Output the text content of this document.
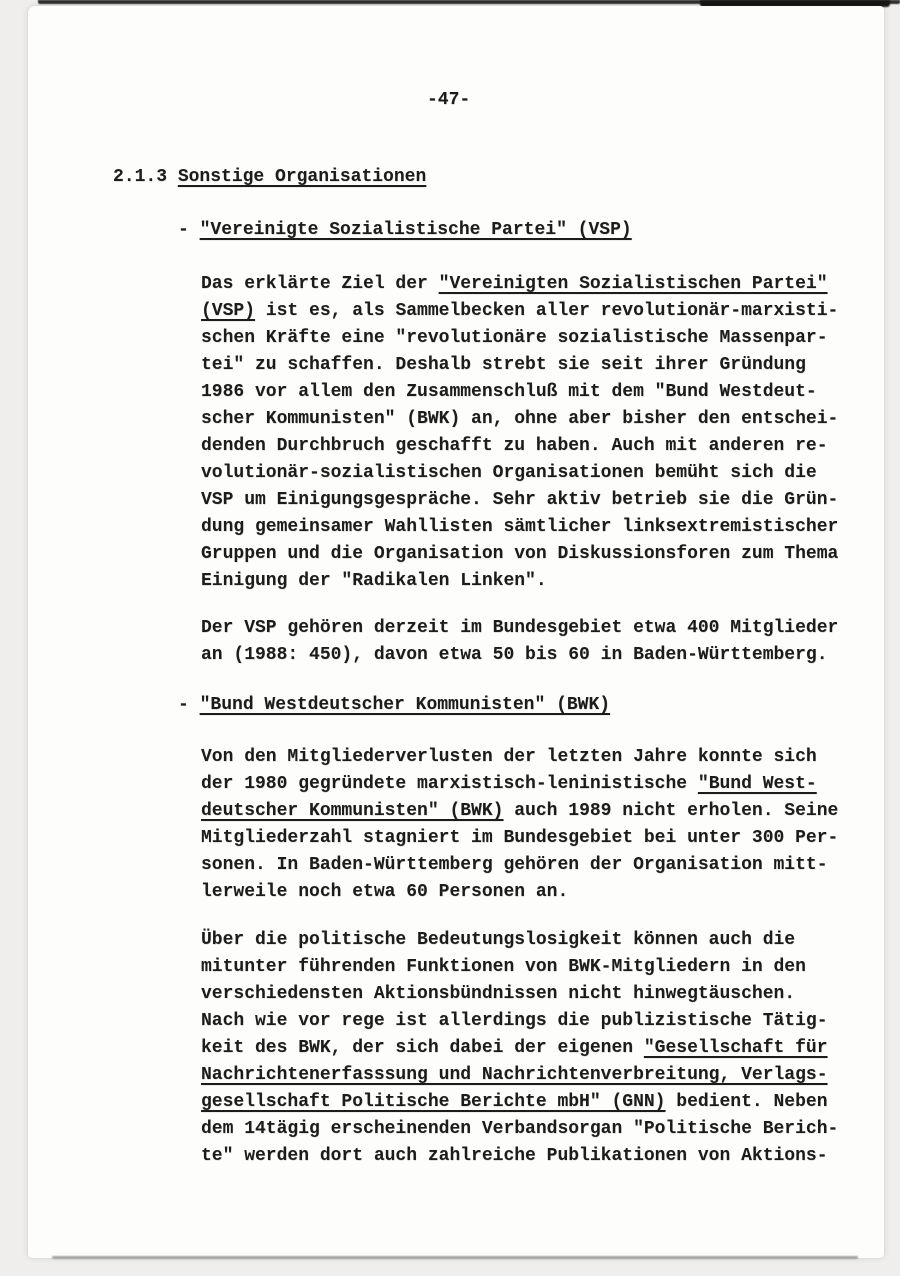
-47-
2.1.3 Sonstige Organisationen
- "Vereinigte Sozialistische Partei" (VSP)
Das erklärte Ziel der "Vereinigten Sozialistischen Partei"
(VSP) ist es, als Sammelbecken aller revolutionär-marxisti-
schen Kräfte eine "revolutionäre sozialistische Massenpar-
tei" zu schaffen. Deshalb strebt sie seit ihrer Gründung
1986 vor allem den Zusammenschluß mit dem "Bund Westdeut-
scher Kommunisten" (BWK) an, ohne aber bisher den entschei-
denden Durchbruch geschafft zu haben. Auch mit anderen re-
volutionär-sozialistischen Organisationen bemüht sich die
VSP um Einigungsgespräche. Sehr aktiv betrieb sie die Grün-
dung gemeinsamer Wahllisten sämtlicher linksextremistischer
Gruppen und die Organisation von Diskussionsforen zum Thema
Einigung der "Radikalen Linken".
Der VSP gehören derzeit im Bundesgebiet etwa 400 Mitglieder
an (1988: 450), davon etwa 50 bis 60 in Baden-Württemberg.
- "Bund Westdeutscher Kommunisten" (BWK)
Von den Mitgliederverlusten der letzten Jahre konnte sich
der 1980 gegründete marxistisch-leninistische "Bund West-
deutscher Kommunisten" (BWK) auch 1989 nicht erholen. Seine
Mitgliederzahl stagniert im Bundesgebiet bei unter 300 Per-
sonen. In Baden-Württemberg gehören der Organisation mitt-
lerweile noch etwa 60 Personen an.
Über die politische Bedeutungslosigkeit können auch die
mitunter führenden Funktionen von BWK-Mitgliedern in den
verschiedensten Aktionsbündnissen nicht hinwegtäuschen.
Nach wie vor rege ist allerdings die publizistische Tätig-
keit des BWK, der sich dabei der eigenen "Gesellschaft für
Nachrichtenerfasssung und Nachrichtenverbreitung, Verlags-
gesellschaft Politische Berichte mbH" (GNN) bedient. Neben
dem 14tägig erscheinenden Verbandsorgan "Politische Berich-
te" werden dort auch zahlreiche Publikationen von Aktions-
